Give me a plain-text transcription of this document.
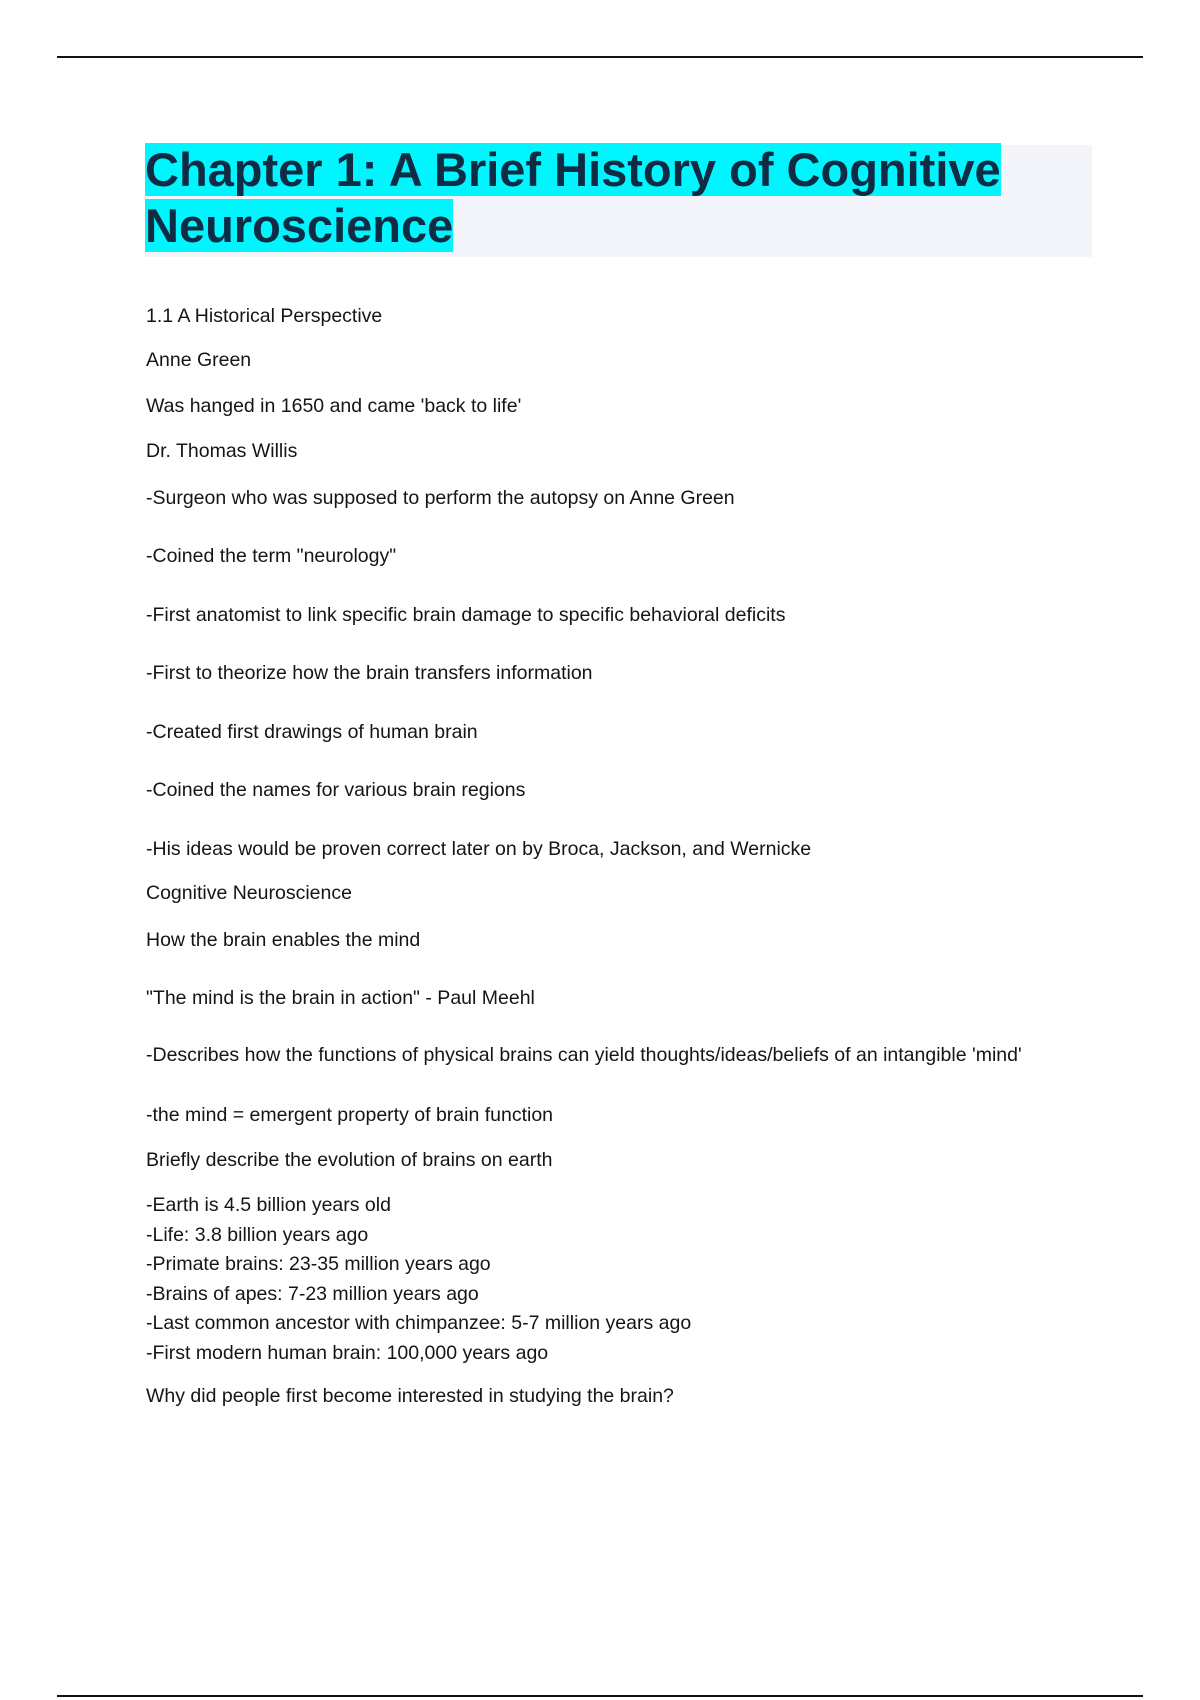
Chapter 1: A Brief History of Cognitive Neuroscience

1.1 A Historical Perspective

Anne Green

Was hanged in 1650 and came 'back to life'

Dr. Thomas Willis

-Surgeon who was supposed to perform the autopsy on Anne Green

-Coined the term "neurology"

-First anatomist to link specific brain damage to specific behavioral deficits

-First to theorize how the brain transfers information

-Created first drawings of human brain

-Coined the names for various brain regions

-His ideas would be proven correct later on by Broca, Jackson, and Wernicke

Cognitive Neuroscience

How the brain enables the mind

"The mind is the brain in action" - Paul Meehl

-Describes how the functions of physical brains can yield thoughts/ideas/beliefs of an intangible 'mind'

-the mind = emergent property of brain function

Briefly describe the evolution of brains on earth

-Earth is 4.5 billion years old
-Life: 3.8 billion years ago
-Primate brains: 23-35 million years ago
-Brains of apes: 7-23 million years ago
-Last common ancestor with chimpanzee: 5-7 million years ago
-First modern human brain: 100,000 years ago

Why did people first become interested in studying the brain?
